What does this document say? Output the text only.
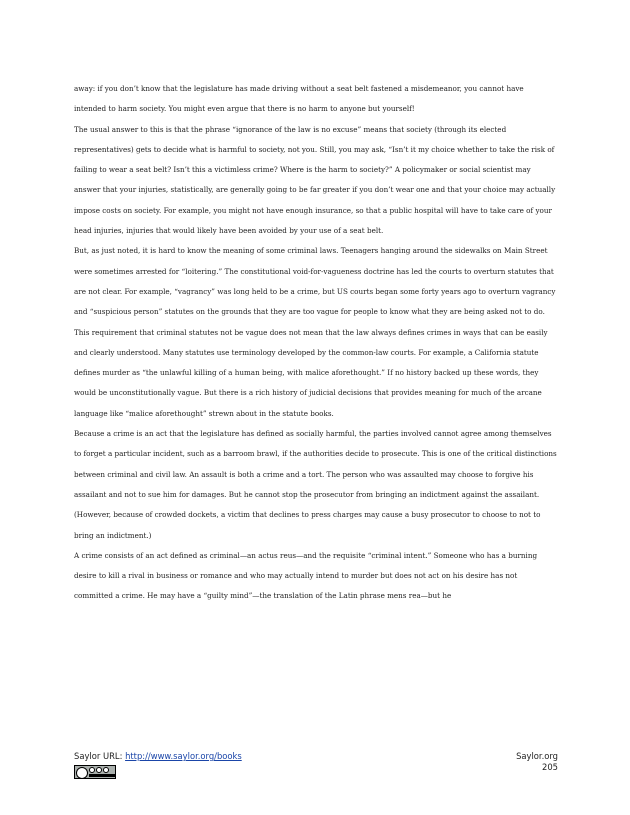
away: if you don’t know that the legislature has made driving without a seat belt fastened a misdemeanor, you cannot have intended to harm society. You might even argue that there is no harm to anyone but yourself!

The usual answer to this is that the phrase “ignorance of the law is no excuse” means that society (through its elected representatives) gets to decide what is harmful to society, not you. Still, you may ask, “Isn’t it my choice whether to take the risk of failing to wear a seat belt? Isn’t this a victimless crime? Where is the harm to society?” A policymaker or social scientist may answer that your injuries, statistically, are generally going to be far greater if you don’t wear one and that your choice may actually impose costs on society. For example, you might not have enough insurance, so that a public hospital will have to take care of your head injuries, injuries that would likely have been avoided by your use of a seat belt.

But, as just noted, it is hard to know the meaning of some criminal laws. Teenagers hanging around the sidewalks on Main Street were sometimes arrested for “loitering.” The constitutional void-for-vagueness doctrine has led the courts to overturn statutes that are not clear. For example, “vagrancy” was long held to be a crime, but US courts began some forty years ago to overturn vagrancy and “suspicious person” statutes on the grounds that they are too vague for people to know what they are being asked not to do.

This requirement that criminal statutes not be vague does not mean that the law always defines crimes in ways that can be easily and clearly understood. Many statutes use terminology developed by the common-law courts. For example, a California statute defines murder as “the unlawful killing of a human being, with malice aforethought.” If no history backed up these words, they would be unconstitutionally vague. But there is a rich history of judicial decisions that provides meaning for much of the arcane language like “malice aforethought” strewn about in the statute books.

Because a crime is an act that the legislature has defined as socially harmful, the parties involved cannot agree among themselves to forget a particular incident, such as a barroom brawl, if the authorities decide to prosecute. This is one of the critical distinctions between criminal and civil law. An assault is both a crime and a tort. The person who was assaulted may choose to forgive his assailant and not to sue him for damages. But he cannot stop the prosecutor from bringing an indictment against the assailant. (However, because of crowded dockets, a victim that declines to press charges may cause a busy prosecutor to choose to not to bring an indictment.)

A crime consists of an act defined as criminal—an actus reus—and the requisite “criminal intent.” Someone who has a burning desire to kill a rival in business or romance and who may actually intend to murder but does not act on his desire has not committed a crime. He may have a “guilty mind”—the translation of the Latin phrase mens rea—but he

Saylor URL: http://www.saylor.org/books	Saylor.org
205
